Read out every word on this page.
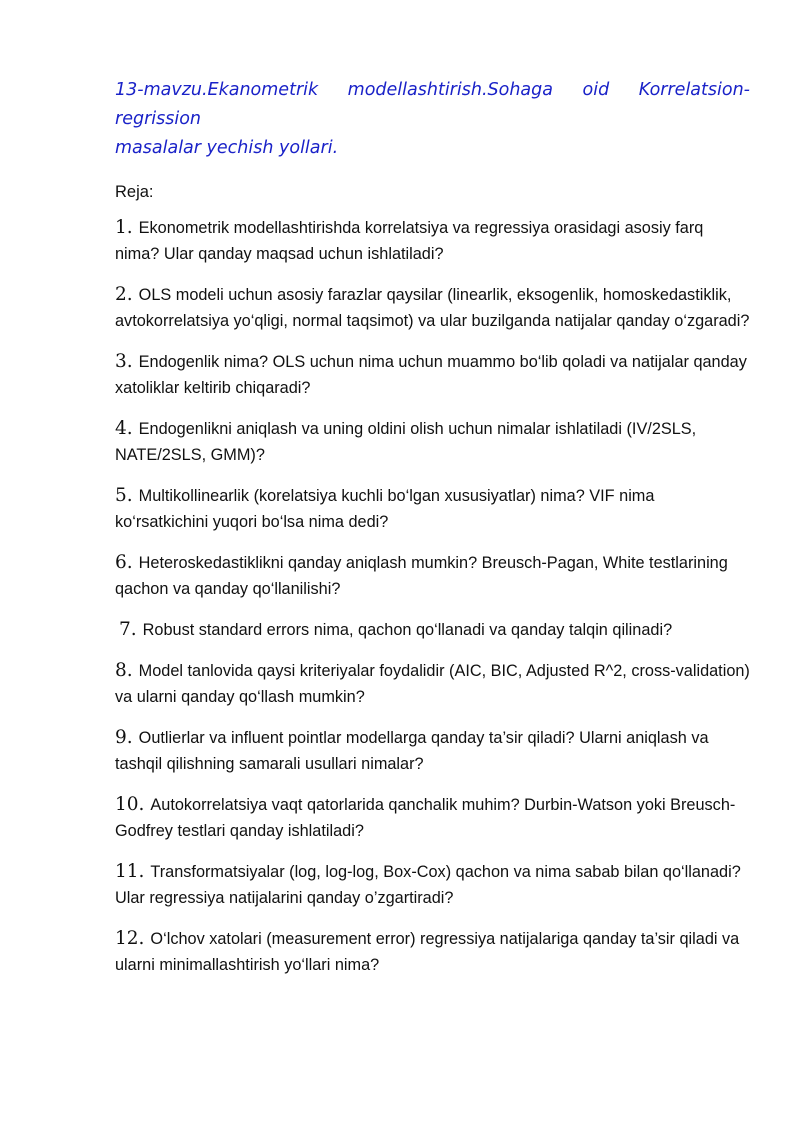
13-mavzu.Ekanometrik modellashtirish.Sohaga oid Korrelatsion-regrission
masalalar yechish yollari.

Reja:

1. Ekonometrik modellashtirishda korrelatsiya va regressiya orasidagi asosiy farq nima? Ular qanday maqsad uchun ishlatiladi?
2. OLS modeli uchun asosiy farazlar qaysilar (linearlik, eksogenlik, homoskedastiklik, avtokorrelatsiya yo‘qligi, normal taqsimot) va ular buzilganda natijalar qanday o‘zgaradi?
3. Endogenlik nima? OLS uchun nima uchun muammo bo‘lib qoladi va natijalar qanday xatoliklar keltirib chiqaradi?
4. Endogenlikni aniqlash va uning oldini olish uchun nimalar ishlatiladi (IV/2SLS, NATE/2SLS, GMM)?
5. Multikollinearlik (korelatsiya kuchli bo‘lgan xususiyatlar) nima? VIF nima ko‘rsatkichini yuqori bo‘lsa nima dedi?
6. Heteroskedastiklikni qanday aniqlash mumkin? Breusch-Pagan, White testlarining qachon va qanday qo‘llanilishi?
7. Robust standard errors nima, qachon qo‘llanadi va qanday talqin qilinadi?
8. Model tanlovida qaysi kriteriyalar foydalidir (AIC, BIC, Adjusted R^2, cross-validation) va ularni qanday qo‘llash mumkin?
9. Outlierlar va influent pointlar modellarga qanday ta’sir qiladi? Ularni aniqlash va tashqil qilishning samarali usullari nimalar?
10. Autokorrelatsiya vaqt qatorlarida qanchalik muhim? Durbin-Watson yoki Breusch-Godfrey testlari qanday ishlatiladi?
11. Transformatsiyalar (log, log-log, Box-Cox) qachon va nima sabab bilan qo‘llanadi? Ular regressiya natijalarini qanday o’zgartiradi?
12. O‘lchov xatolari (measurement error) regressiya natijalariga qanday ta’sir qiladi va ularni minimallashtirish yo‘llari nima?
